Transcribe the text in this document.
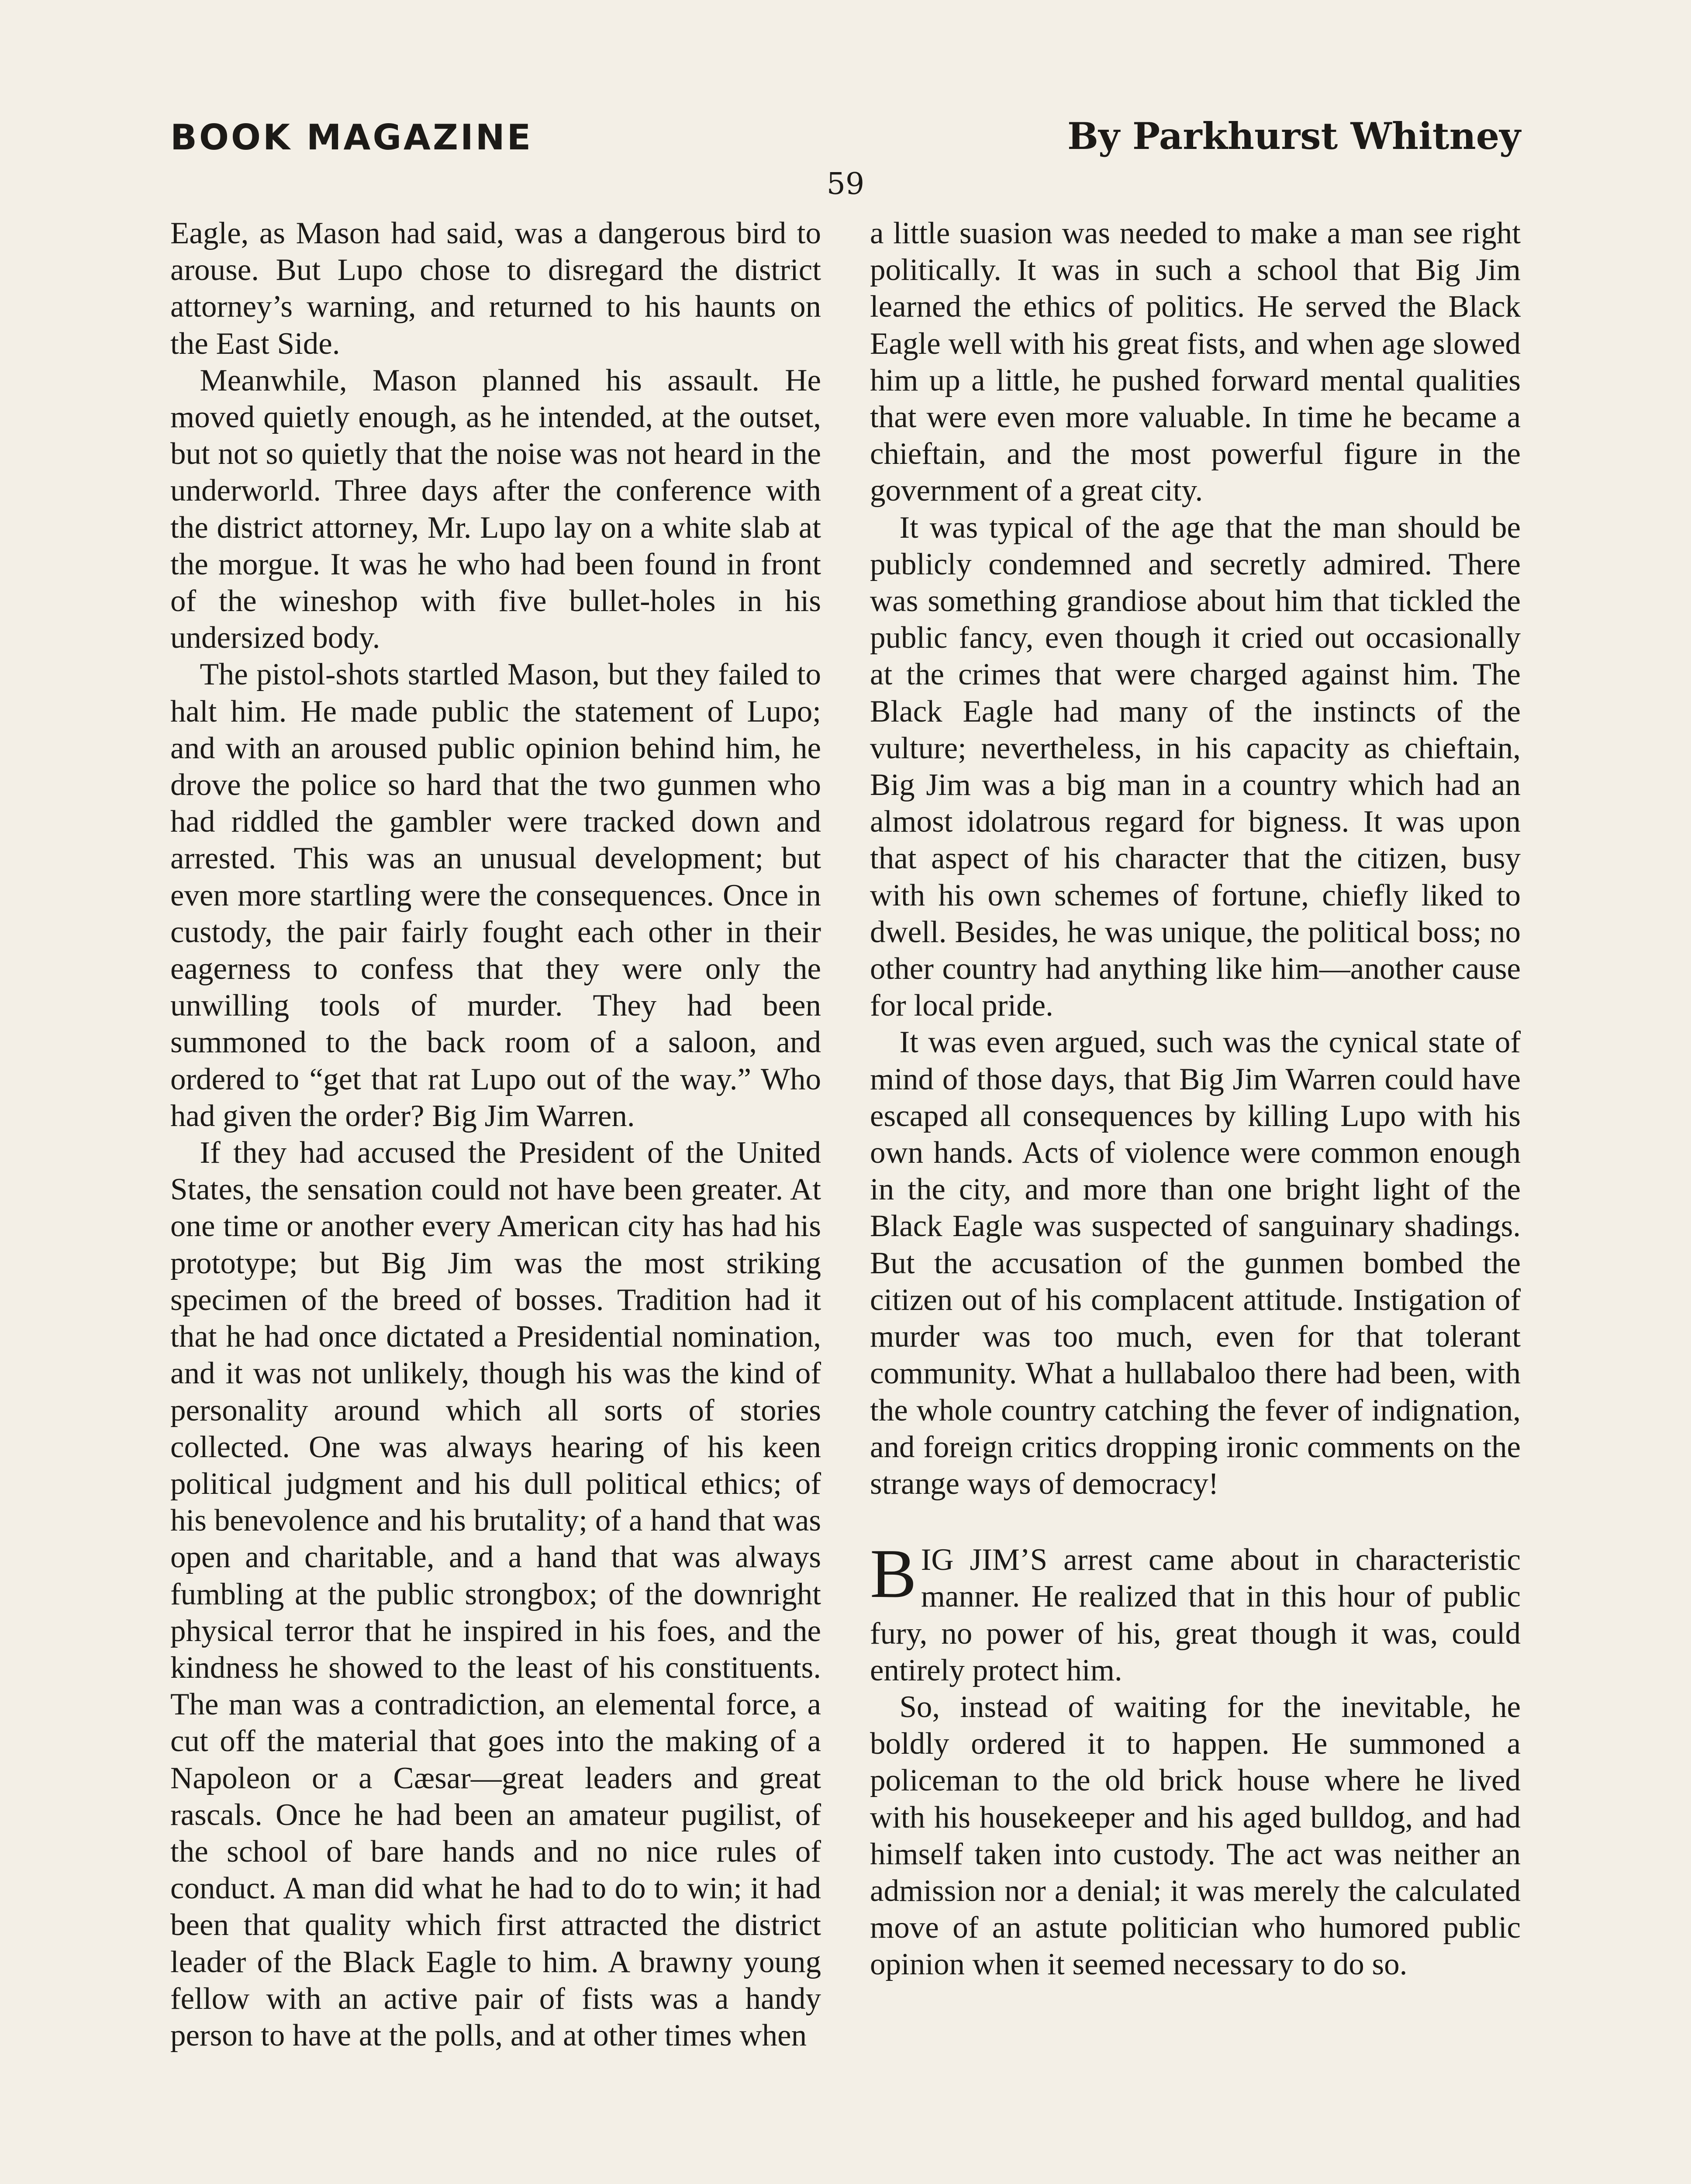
BOOK MAGAZINE	By Parkhurst Whitney
59

Eagle, as Mason had said, was a dangerous bird to arouse. But Lupo chose to disregard the district attorney’s warning, and returned to his haunts on the East Side.

Meanwhile, Mason planned his assault. He moved quietly enough, as he intended, at the outset, but not so quietly that the noise was not heard in the underworld. Three days after the conference with the district attorney, Mr. Lupo lay on a white slab at the morgue. It was he who had been found in front of the wineshop with five bullet-holes in his undersized body.

The pistol-shots startled Mason, but they failed to halt him. He made public the statement of Lupo; and with an aroused public opinion behind him, he drove the police so hard that the two gunmen who had riddled the gambler were tracked down and arrested. This was an unusual development; but even more startling were the consequences. Once in custody, the pair fairly fought each other in their eagerness to confess that they were only the unwilling tools of murder. They had been summoned to the back room of a saloon, and ordered to “get that rat Lupo out of the way.” Who had given the order? Big Jim Warren.

If they had accused the President of the United States, the sensation could not have been greater. At one time or another every American city has had his prototype; but Big Jim was the most striking specimen of the breed of bosses. Tradition had it that he had once dictated a Presidential nomination, and it was not unlikely, though his was the kind of personality around which all sorts of stories collected. One was always hearing of his keen political judgment and his dull political ethics; of his benevolence and his brutality; of a hand that was open and charitable, and a hand that was always fumbling at the public strongbox; of the downright physical terror that he inspired in his foes, and the kindness he showed to the least of his constituents. The man was a contradiction, an elemental force, a cut off the material that goes into the making of a Napoleon or a Cæsar—great leaders and great rascals. Once he had been an amateur pugilist, of the school of bare hands and no nice rules of conduct. A man did what he had to do to win; it had been that quality which first attracted the district leader of the Black Eagle to him. A brawny young fellow with an active pair of fists was a handy person to have at the polls, and at other times when

a little suasion was needed to make a man see right politically. It was in such a school that Big Jim learned the ethics of politics. He served the Black Eagle well with his great fists, and when age slowed him up a little, he pushed forward mental qualities that were even more valuable. In time he became a chieftain, and the most powerful figure in the government of a great city.

It was typical of the age that the man should be publicly condemned and secretly admired. There was something grandiose about him that tickled the public fancy, even though it cried out occasionally at the crimes that were charged against him. The Black Eagle had many of the instincts of the vulture; nevertheless, in his capacity as chieftain, Big Jim was a big man in a country which had an almost idolatrous regard for bigness. It was upon that aspect of his character that the citizen, busy with his own schemes of fortune, chiefly liked to dwell. Besides, he was unique, the political boss; no other country had anything like him—another cause for local pride.

It was even argued, such was the cynical state of mind of those days, that Big Jim Warren could have escaped all consequences by killing Lupo with his own hands. Acts of violence were common enough in the city, and more than one bright light of the Black Eagle was suspected of sanguinary shadings. But the accusation of the gunmen bombed the citizen out of his complacent attitude. Instigation of murder was too much, even for that tolerant community. What a hullabaloo there had been, with the whole country catching the fever of indignation, and foreign critics dropping ironic comments on the strange ways of democracy!

BIG JIM’S arrest came about in characteristic manner. He realized that in this hour of public fury, no power of his, great though it was, could entirely protect him.

So, instead of waiting for the inevitable, he boldly ordered it to happen. He summoned a policeman to the old brick house where he lived with his housekeeper and his aged bulldog, and had himself taken into custody. The act was neither an admission nor a denial; it was merely the calculated move of an astute politician who humored public opinion when it seemed necessary to do so.
